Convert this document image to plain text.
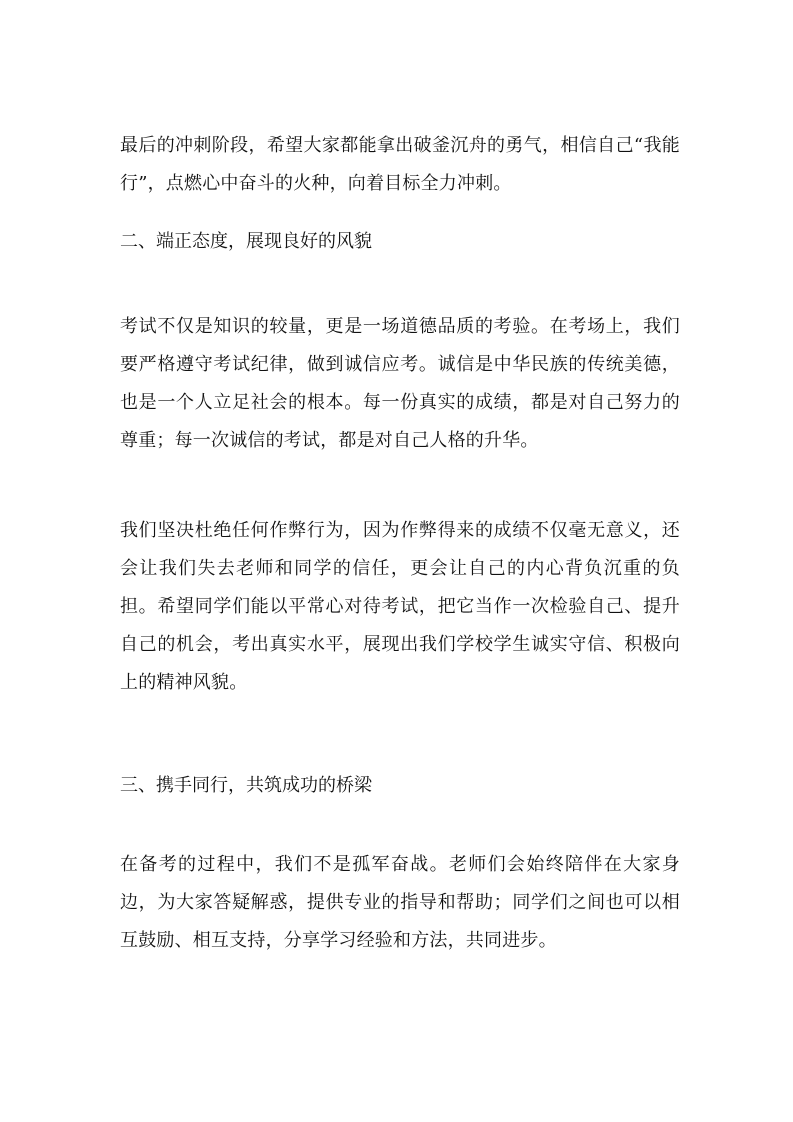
最后的冲刺阶段，希望大家都能拿出破釜沉舟的勇气，相信自己“我能行”，点燃心中奋斗的火种，向着目标全力冲刺。

二、端正态度，展现良好的风貌

考试不仅是知识的较量，更是一场道德品质的考验。在考场上，我们要严格遵守考试纪律，做到诚信应考。诚信是中华民族的传统美德，也是一个人立足社会的根本。每一份真实的成绩，都是对自己努力的尊重；每一次诚信的考试，都是对自己人格的升华。

我们坚决杜绝任何作弊行为，因为作弊得来的成绩不仅毫无意义，还会让我们失去老师和同学的信任，更会让自己的内心背负沉重的负担。希望同学们能以平常心对待考试，把它当作一次检验自己、提升自己的机会，考出真实水平，展现出我们学校学生诚实守信、积极向上的精神风貌。

三、携手同行，共筑成功的桥梁

在备考的过程中，我们不是孤军奋战。老师们会始终陪伴在大家身边，为大家答疑解惑，提供专业的指导和帮助；同学们之间也可以相互鼓励、相互支持，分享学习经验和方法，共同进步。
